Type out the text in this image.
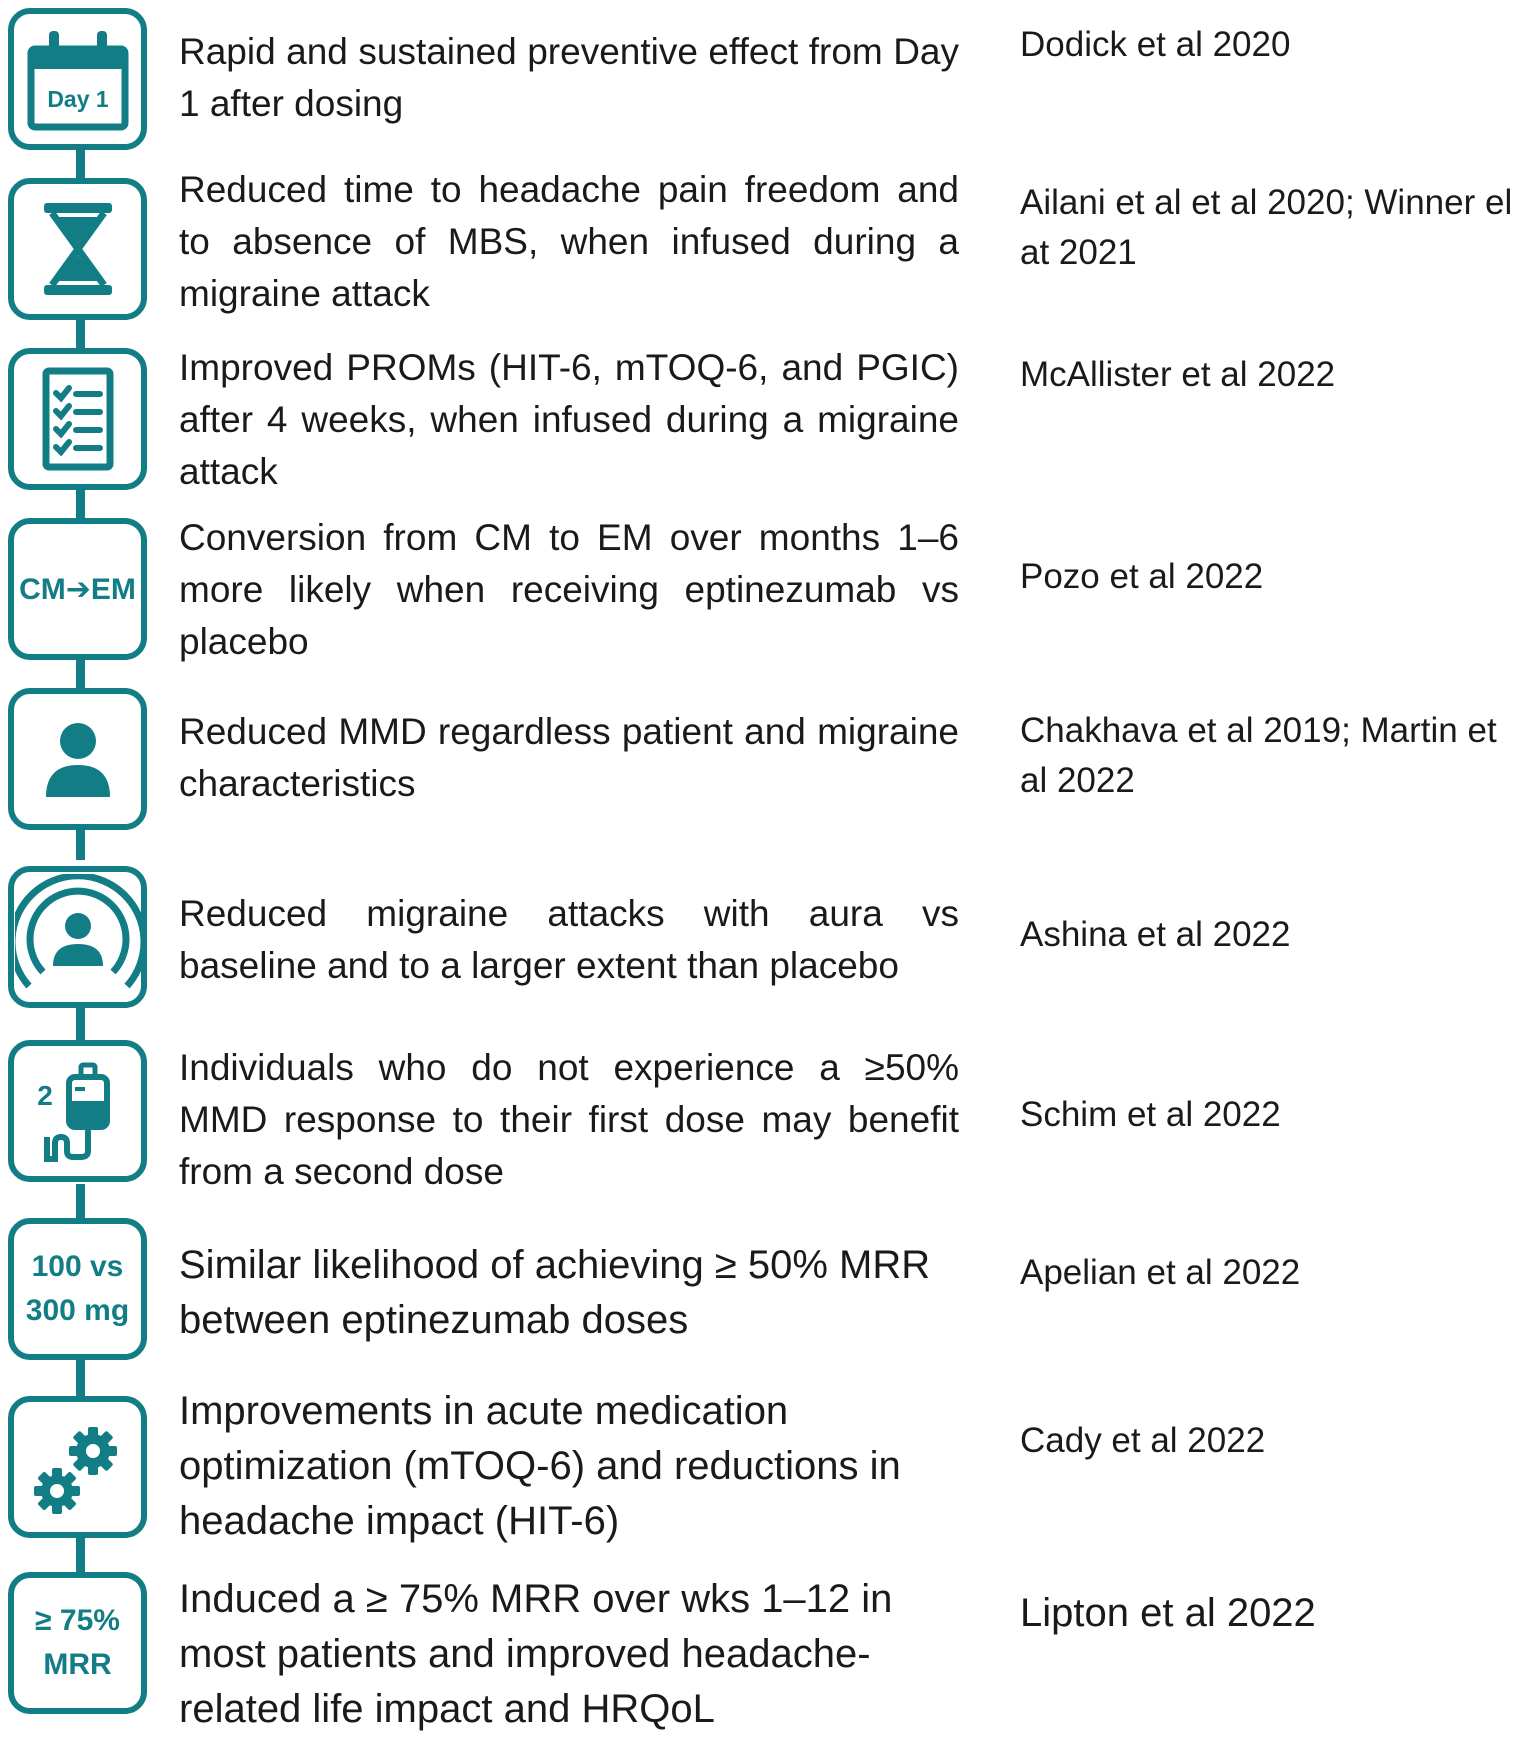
Day 1
Rapid and sustained preventive effect from Day 1 after dosing
Dodick et al 2020
Reduced time to headache pain freedom and to absence of MBS, when infused during a migraine attack
Ailani et al et al 2020; Winner el at 2021
Improved PROMs (HIT-6, mTOQ-6, and PGIC) after 4 weeks, when infused during a migraine attack
McAllister et al 2022
CM➔EM
Conversion from CM to EM over months 1–6 more likely when receiving eptinezumab vs placebo
Pozo et al 2022
Reduced MMD regardless patient and migraine characteristics
Chakhava et al 2019; Martin et al 2022
Reduced migraine attacks with aura vs baseline and to a larger extent than placebo
Ashina et al 2022
2
Individuals who do not experience a ≥50% MMD response to their first dose may benefit from a second dose
Schim et al 2022
100 vs
300 mg
Similar likelihood of achieving ≥ 50% MRR between eptinezumab doses
Apelian et al 2022
Improvements in acute medication optimization (mTOQ-6) and reductions in headache impact (HIT-6)
Cady et al 2022
≥ 75%
MRR
Induced a ≥ 75% MRR over wks 1–12 in most patients and improved headache-related life impact and HRQoL
Lipton et al 2022
